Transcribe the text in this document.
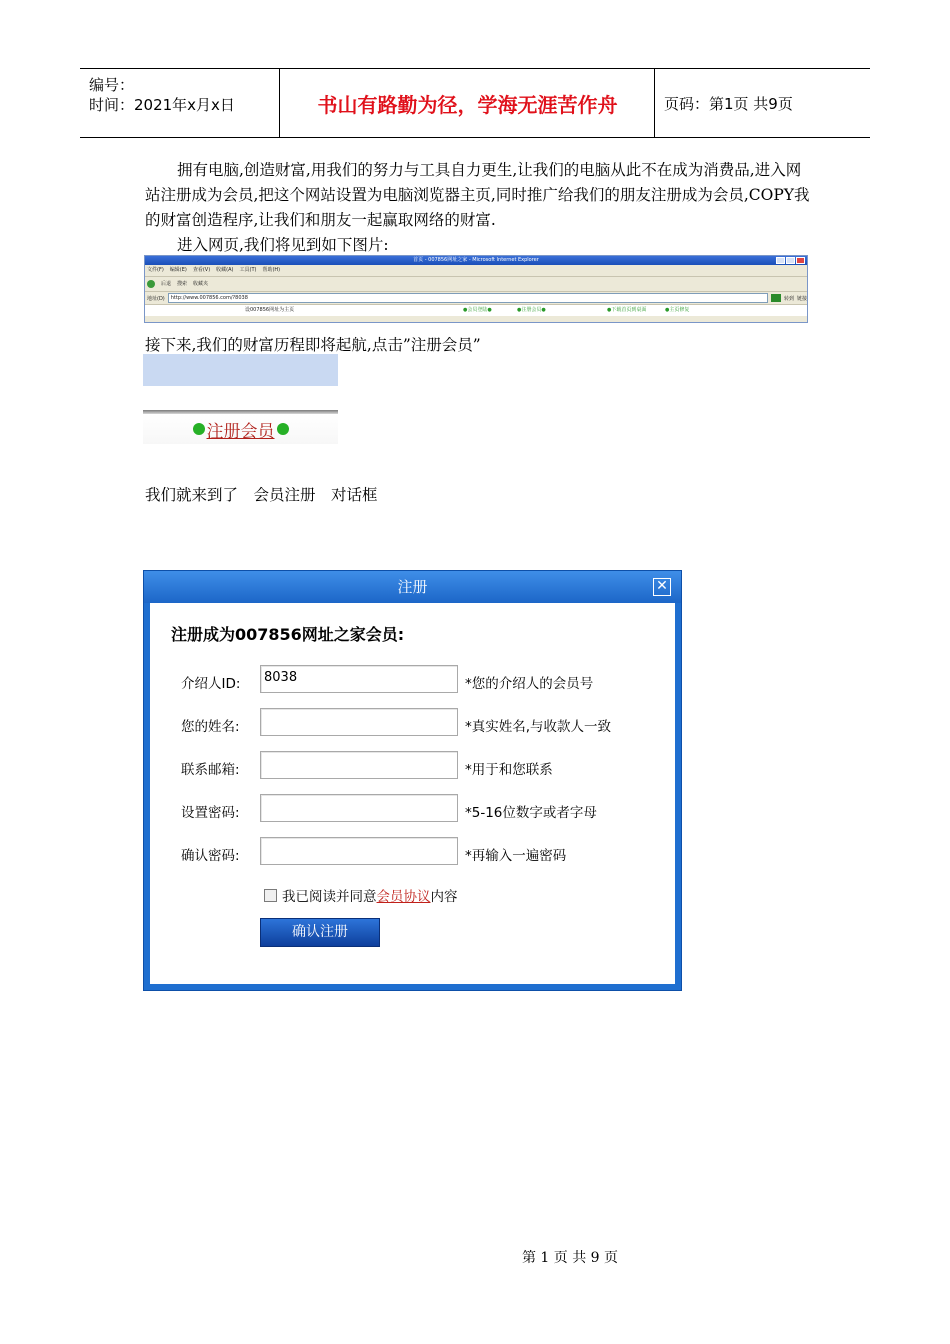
编号：
时间：2021年x月x日	书山有路勤为径，学海无涯苦作舟	页码：第1页 共9页
拥有电脑,创造财富,用我们的努力与工具自力更生,让我们的电脑从此不在成为消费品,进入网站注册成为会员,把这个网站设置为电脑浏览器主页,同时推广给我们的朋友注册成为会员,COPY我的财富创造程序,让我们和朋友一起赢取网络的财富.
进入网页,我们将见到如下图片:
首页 - 007856网址之家 - Microsoft Internet Explorer
文件(F) 编辑(E) 查看(V) 收藏(A) 工具(T) 帮助(H)
后退 搜索 收藏夹
地址(D)	http://www.007856.com/?8038	转到 链接
设007856网址为主页	●会员登陆●	●注册会员●	●下载首页到桌面	●主页修复
接下来,我们的财富历程即将起航,点击”注册会员”
注册会员
我们就来到了　会员注册　对话框
注册	✕
注册成为007856网址之家会员:
介绍人ID:	8038	*您的介绍人的会员号
您的姓名:	*真实姓名,与收款人一致
联系邮箱:	*用于和您联系
设置密码:	*5-16位数字或者字母
确认密码:	*再输入一遍密码
我已阅读并同意 会员协议 内容
确认注册
第 1 页 共 9 页
